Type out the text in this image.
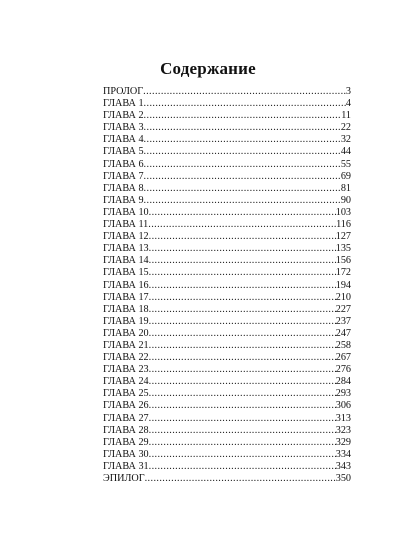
Содержание
ПРОЛОГ .....	3
ГЛАВА 1 .....	4
ГЛАВА 2 .....	11
ГЛАВА 3 .....	22
ГЛАВА 4 .....	32
ГЛАВА 5 .....	44
ГЛАВА 6 .....	55
ГЛАВА 7 .....	69
ГЛАВА 8 .....	81
ГЛАВА 9 .....	90
ГЛАВА 10 .....	103
ГЛАВА 11 .....	116
ГЛАВА 12 .....	127
ГЛАВА 13 .....	135
ГЛАВА 14 .....	156
ГЛАВА 15 .....	172
ГЛАВА 16 .....	194
ГЛАВА 17 .....	210
ГЛАВА 18 .....	227
ГЛАВА 19 .....	237
ГЛАВА 20 .....	247
ГЛАВА 21 .....	258
ГЛАВА 22 .....	267
ГЛАВА 23 .....	276
ГЛАВА 24 .....	284
ГЛАВА 25 .....	293
ГЛАВА 26 .....	306
ГЛАВА 27 .....	313
ГЛАВА 28 .....	323
ГЛАВА 29 .....	329
ГЛАВА 30 .....	334
ГЛАВА 31 .....	343
ЭПИЛОГ .....	350
